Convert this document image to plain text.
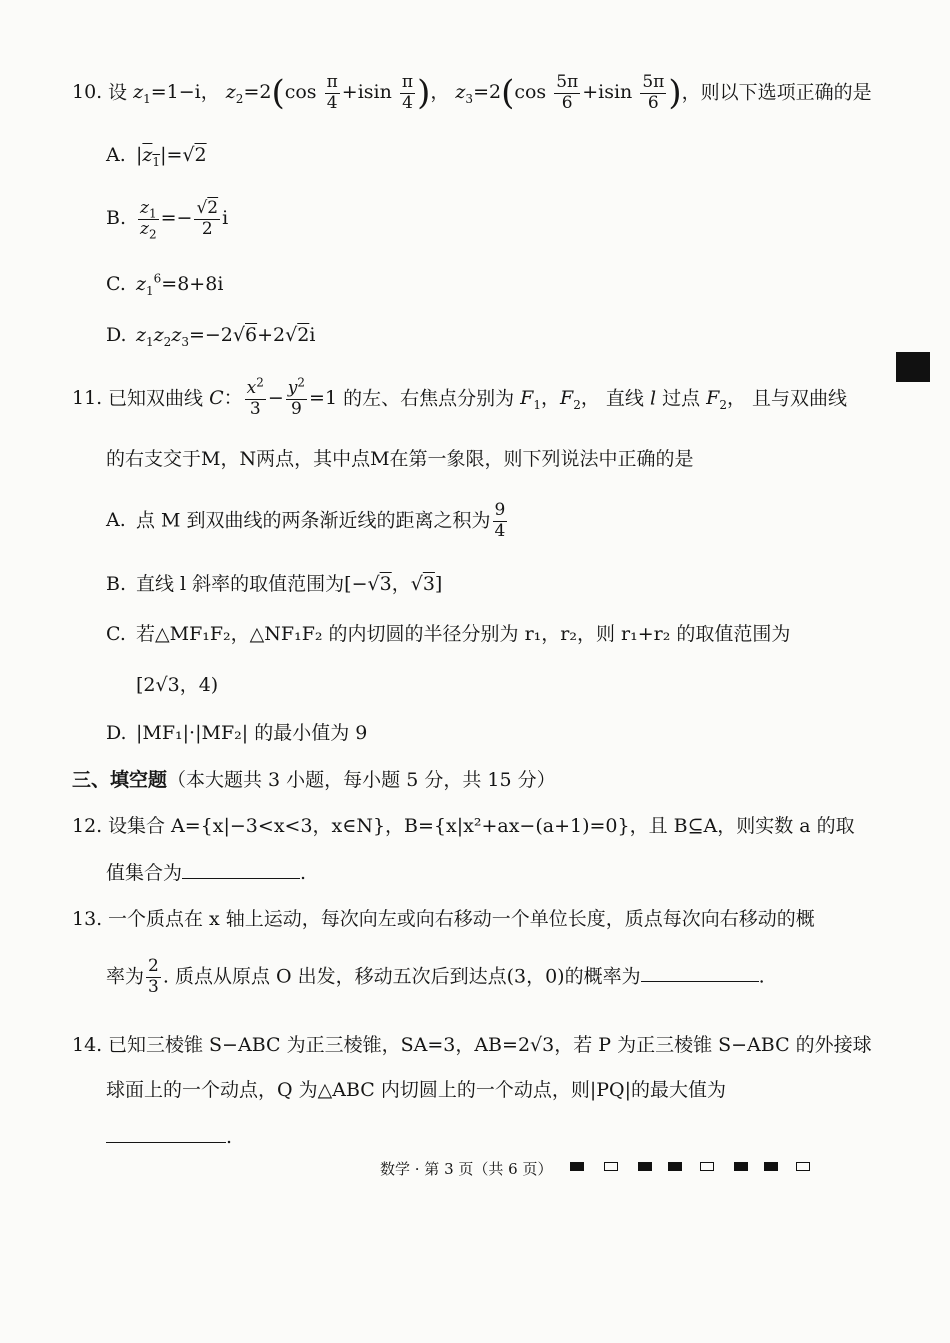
10. 设 $z_1=1-i$， $z_2=2(\cos \frac{\pi}{4} +isin \frac{\pi}{4}$ )， $z_3=2(\cos \frac{5\pi}{6} +isin \frac{5\pi}{6}$ )，则以下选项正确的是
A. $|z_1|=√2$
B. $\frac{z_1}{z_2} =- \frac{√2}{2}$ i
C. $z_1^6=8+8i$
D. $z_1z_2z_3=-2√6+2√2i$
11. 已知双曲线 C： $\frac{x^2}{3} - \frac{y^2}{9} =1$ 的左、右焦点分别为 $F_1$，$F_2$， 直线 l 过点 $F_2$， 且与双曲线
的右支交于M，N两点，其中点M在第一象限，则下列说法中正确的是
A. 点 M 到双曲线的两条渐近线的距离之积为 $\frac{9}{4}$
B. 直线 l 斜率的取值范围为[−√3，√3]
C. 若△MF₁F₂，△NF₁F₂ 的内切圆的半径分别为 r₁，r₂，则 r₁+r₂ 的取值范围为
[2√3，4)
D. |MF₁|·|MF₂| 的最小值为 9
三、填空题（本大题共 3 小题，每小题 5 分，共 15 分）
12. 设集合 A={x|−3<x<3，x∈N}，B={x|x²+ax−(a+1)=0}，且 B⊆A，则实数 a 的取
值集合为	.
13. 一个质点在 x 轴上运动，每次向左或向右移动一个单位长度，质点每次向右移动的概
率为 $\frac{2}{3}$ . 质点从原点 O 出发，移动五次后到达点(3，0)的概率为	.
14. 已知三棱锥 S−ABC 为正三棱锥，SA=3，AB=2√3，若 P 为正三棱锥 S−ABC 的外接球
球面上的一个动点，Q 为△ABC 内切圆上的一个动点，则|PQ|的最大值为
.
数学 · 第 3 页（共 6 页）
